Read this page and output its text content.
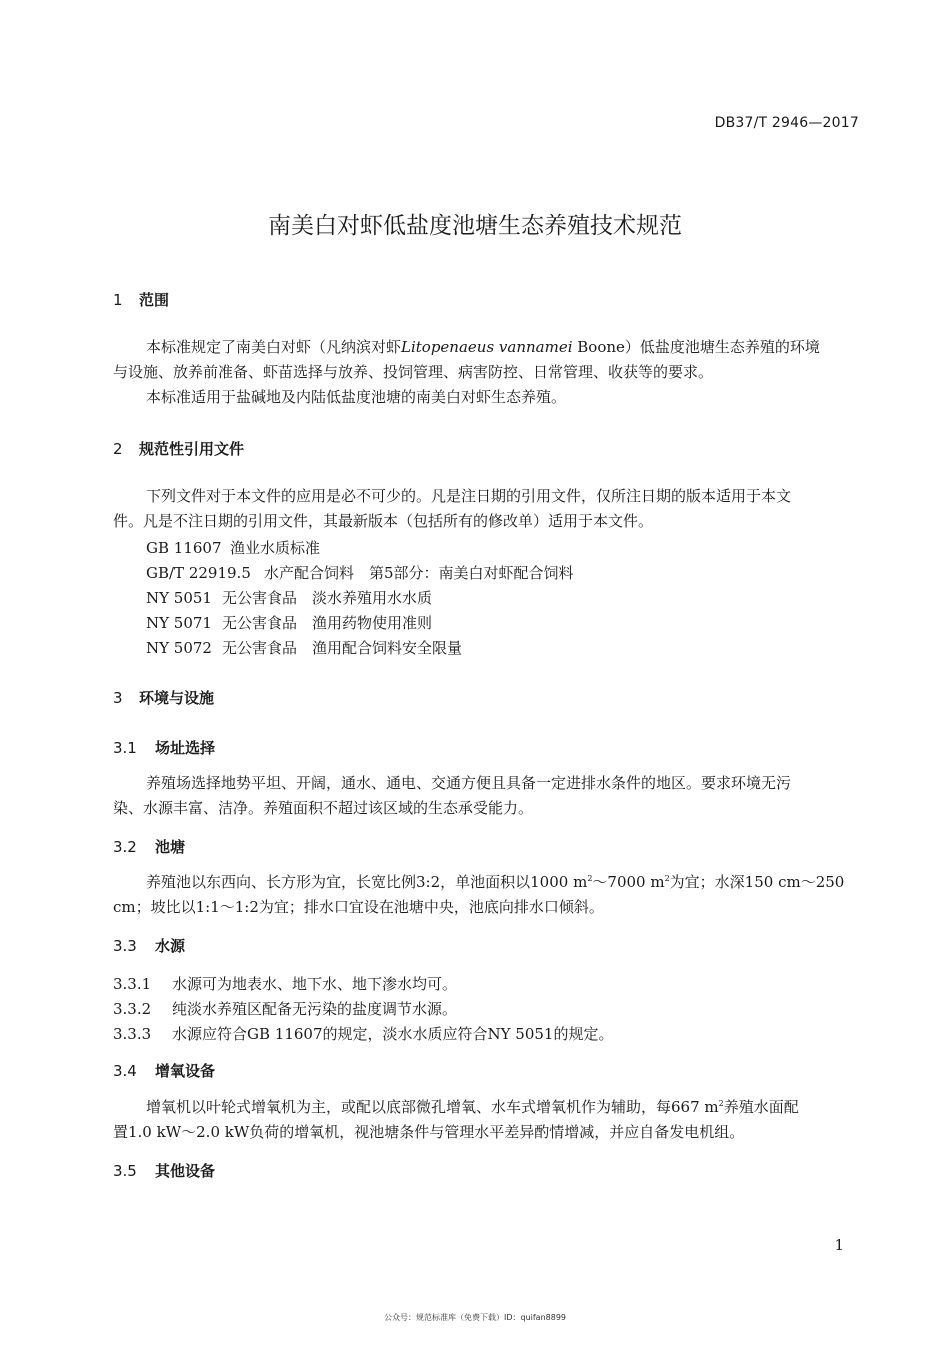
DB37/T 2946—2017
南美白对虾低盐度池塘生态养殖技术规范
1 范围
本标准规定了南美白对虾（凡纳滨对虾Litopenaeus vannamei Boone）低盐度池塘生态养殖的环境
与设施、放养前准备、虾苗选择与放养、投饲管理、病害防控、日常管理、收获等的要求。
本标准适用于盐碱地及内陆低盐度池塘的南美白对虾生态养殖。
2 规范性引用文件
下列文件对于本文件的应用是必不可少的。凡是注日期的引用文件，仅所注日期的版本适用于本文
件。凡是不注日期的引用文件，其最新版本（包括所有的修改单）适用于本文件。
GB 11607 渔业水质标准
GB/T 22919.5 水产配合饲料　第5部分：南美白对虾配合饲料
NY 5051 无公害食品　淡水养殖用水水质
NY 5071 无公害食品　渔用药物使用准则
NY 5072 无公害食品　渔用配合饲料安全限量
3 环境与设施
3.1 场址选择
养殖场选择地势平坦、开阔，通水、通电、交通方便且具备一定进排水条件的地区。要求环境无污
染、水源丰富、洁净。养殖面积不超过该区域的生态承受能力。
3.2 池塘
养殖池以东西向、长方形为宜，长宽比例3:2，单池面积以1000 $m^2\sim 7000$ $m^2$为宜；水深150 cm～250
cm；坡比以1:1～1:2为宜；排水口宜设在池塘中央，池底向排水口倾斜。
3.3 水源
3.3.1 水源可为地表水、地下水、地下渗水均可。
3.3.2 纯淡水养殖区配备无污染的盐度调节水源。
3.3.3 水源应符合GB 11607的规定，淡水水质应符合NY 5051的规定。
3.4 增氧设备
增氧机以叶轮式增氧机为主，或配以底部微孔增氧、水车式增氧机作为辅助，每667 $m^2$养殖水面配
置1.0 kW～2.0 kW负荷的增氧机，视池塘条件与管理水平差异酌情增减，并应自备发电机组。
3.5 其他设备
1
公众号：规范标准库（免费下载）ID：quifan8899
